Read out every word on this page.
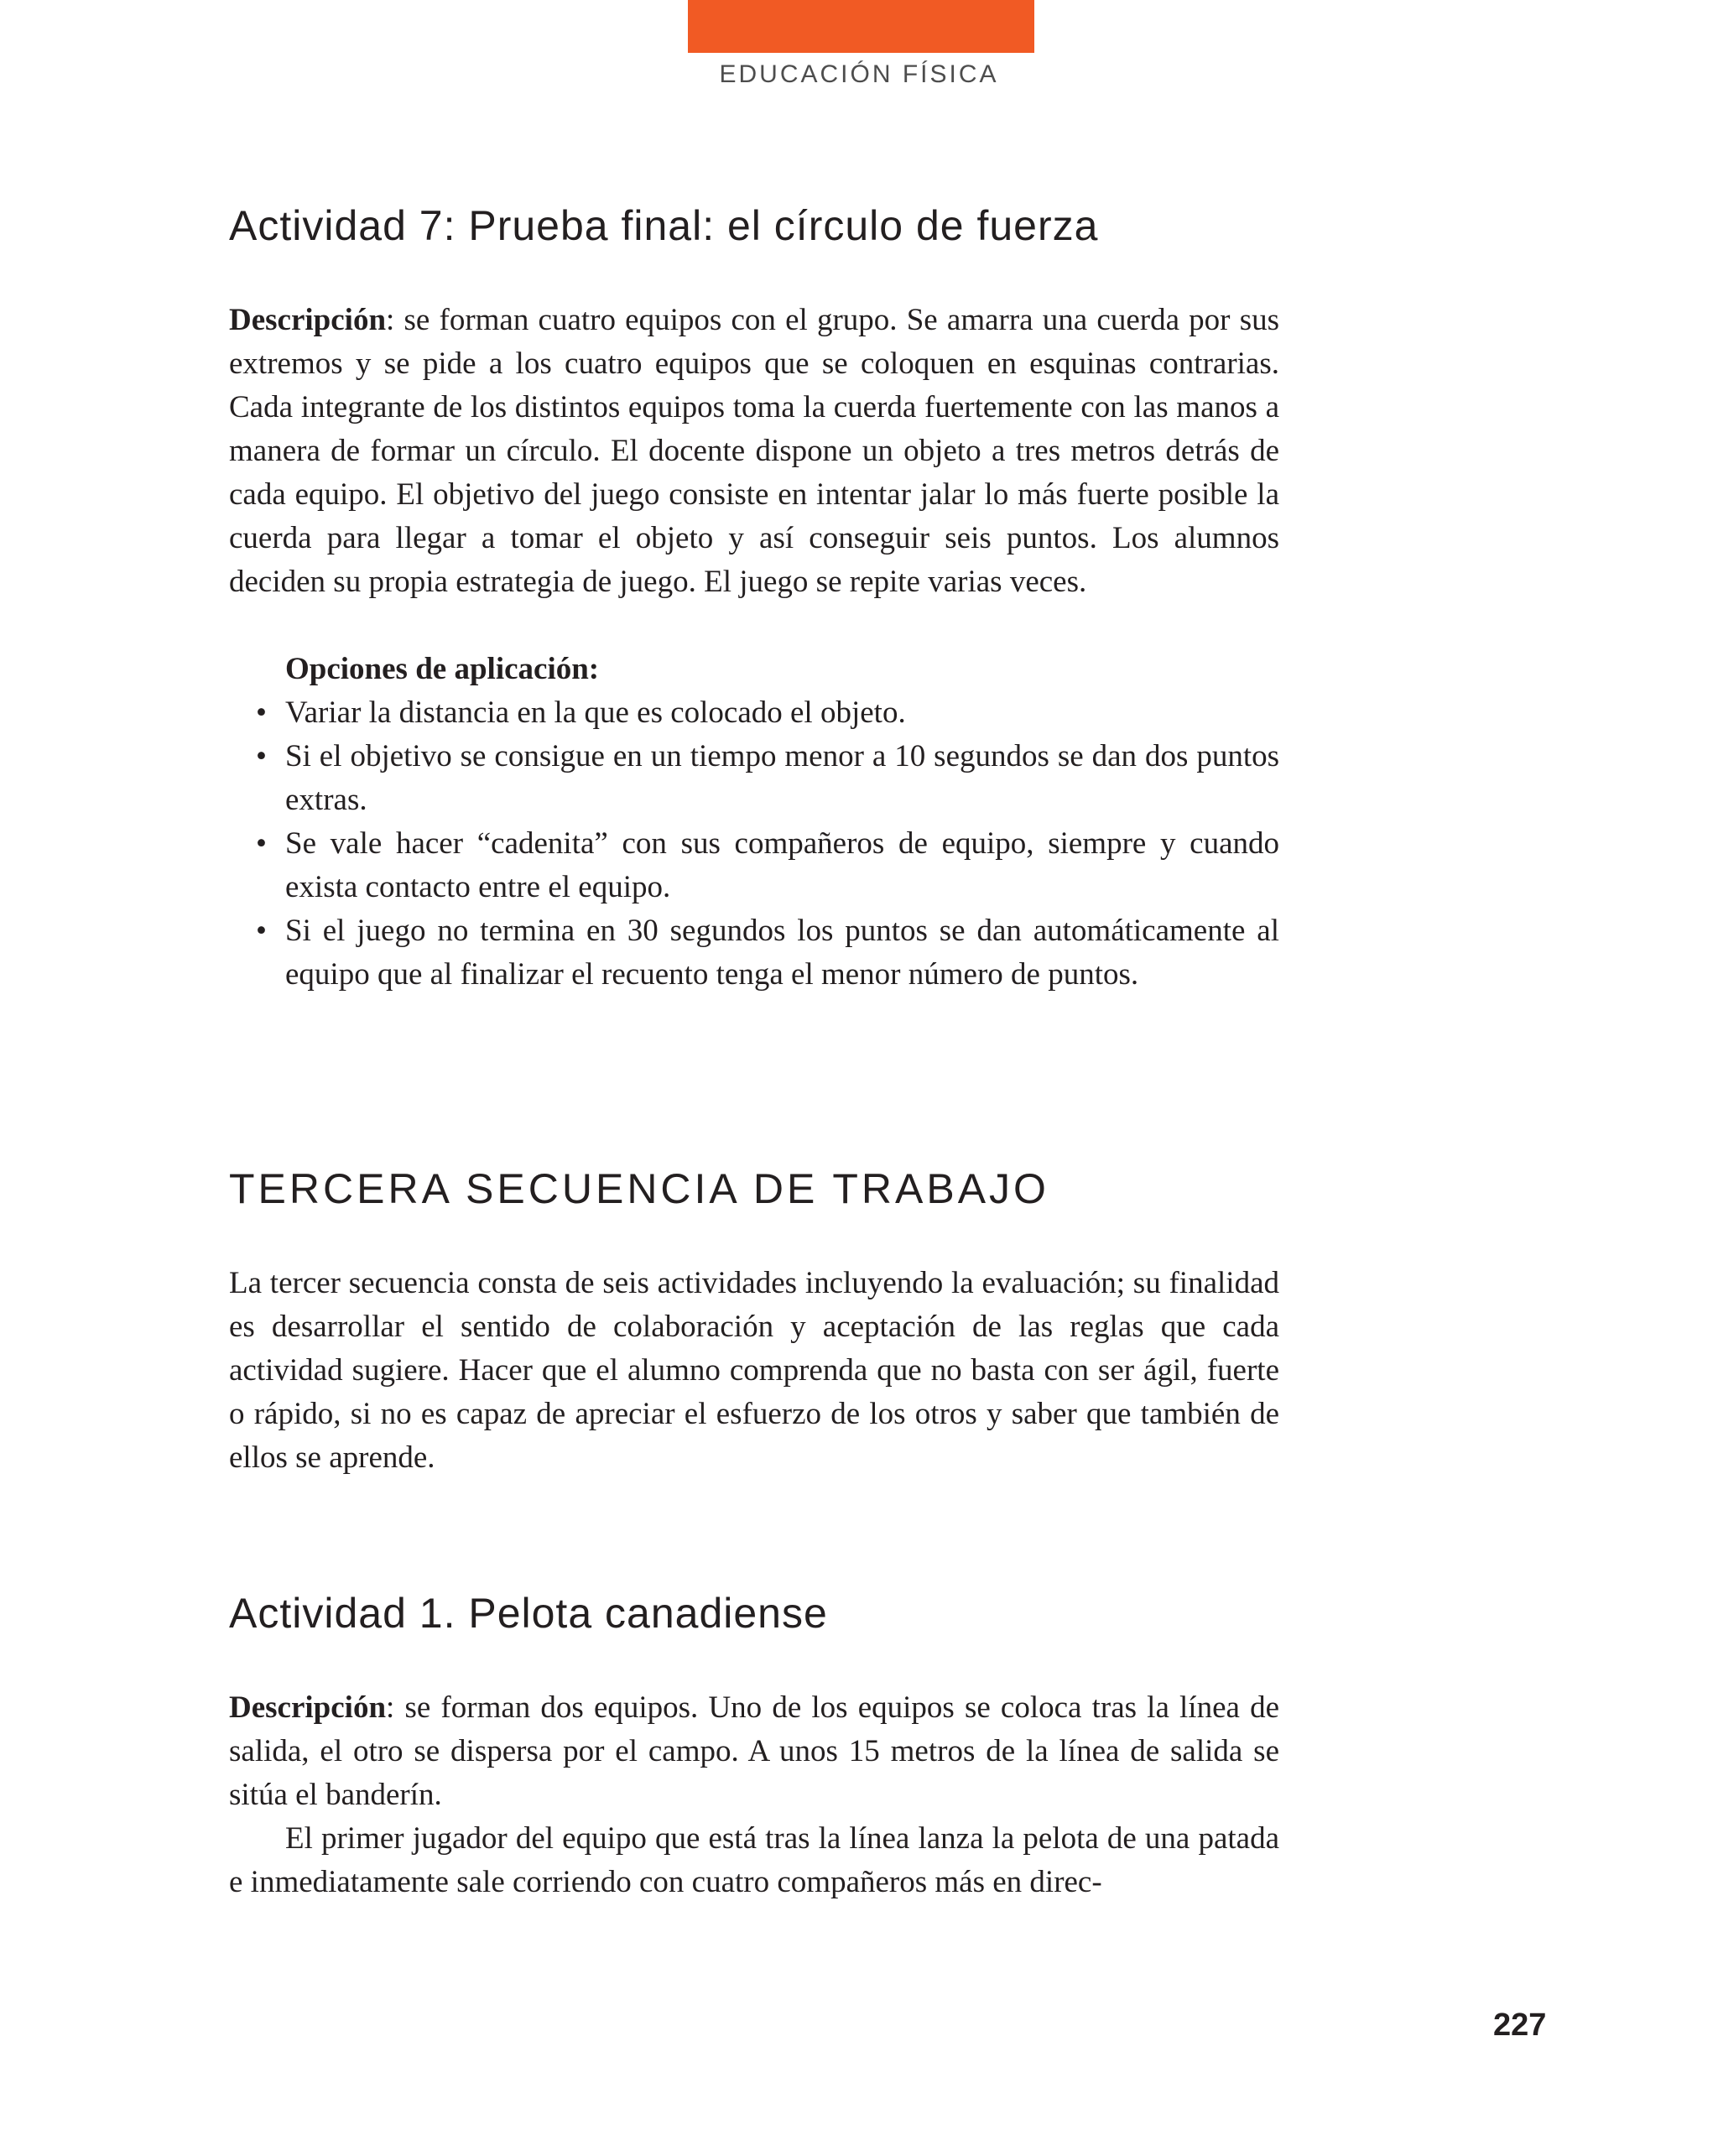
EDUCACIÓN FÍSICA
Actividad 7: Prueba final: el círculo de fuerza

Descripción: se forman cuatro equipos con el grupo. Se amarra una cuerda por sus extremos y se pide a los cuatro equipos que se coloquen en esquinas contrarias. Cada integrante de los distintos equipos toma la cuerda fuertemente con las manos a manera de formar un círculo. El docente dispone un objeto a tres metros detrás de cada equipo. El objetivo del juego consiste en intentar jalar lo más fuerte posible la cuerda para llegar a tomar el objeto y así conseguir seis puntos. Los alumnos deciden su propia estrategia de juego. El juego se repite varias veces.

Opciones de aplicación:
• Variar la distancia en la que es colocado el objeto.
• Si el objetivo se consigue en un tiempo menor a 10 segundos se dan dos puntos extras.
• Se vale hacer “cadenita” con sus compañeros de equipo, siempre y cuando exista contacto entre el equipo.
• Si el juego no termina en 30 segundos los puntos se dan automáticamente al equipo que al finalizar el recuento tenga el menor número de puntos.
TERCERA SECUENCIA DE TRABAJO

La tercer secuencia consta de seis actividades incluyendo la evaluación; su finalidad es desarrollar el sentido de colaboración y aceptación de las reglas que cada actividad sugiere. Hacer que el alumno comprenda que no basta con ser ágil, fuerte o rápido, si no es capaz de apreciar el esfuerzo de los otros y saber que también de ellos se aprende.

Actividad 1. Pelota canadiense

Descripción: se forman dos equipos. Uno de los equipos se coloca tras la línea de salida, el otro se dispersa por el campo. A unos 15 metros de la línea de salida se sitúa el banderín.

El primer jugador del equipo que está tras la línea lanza la pelota de una patada e inmediatamente sale corriendo con cuatro compañeros más en direc-

227
